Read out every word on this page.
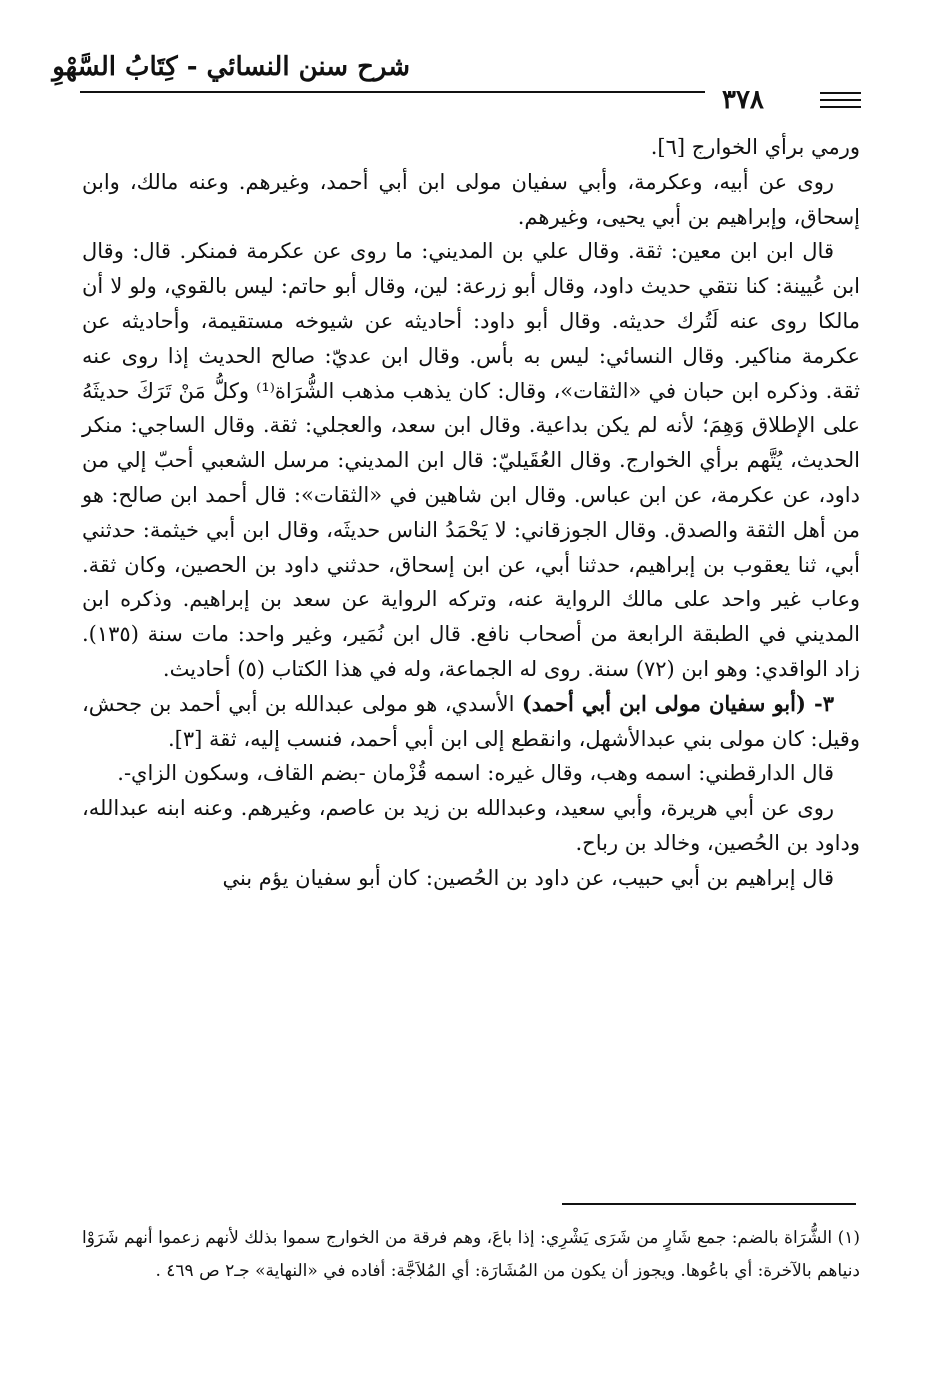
شرح سنن النسائي - كِتَابُ السَّهْوِ
٣٧٨

ورمي برأي الخوارج [٦].

روى عن أبيه، وعكرمة، وأبي سفيان مولى ابن أبي أحمد، وغيرهم. وعنه مالك، وابن إسحاق، وإبراهيم بن أبي يحيى، وغيرهم.

قال ابن ابن معين: ثقة. وقال علي بن المديني: ما روى عن عكرمة فمنكر. قال: وقال ابن عُيينة: كنا نتقي حديث داود، وقال أبو زرعة: لين، وقال أبو حاتم: ليس بالقوي، ولو لا أن مالكا روى عنه لَتُرك حديثه. وقال أبو داود: أحاديثه عن شيوخه مستقيمة، وأحاديثه عن عكرمة مناكير. وقال النسائي: ليس به بأس. وقال ابن عديّ: صالح الحديث إذا روى عنه ثقة. وذكره ابن حبان في «الثقات»، وقال: كان يذهب مذهب الشُّرَاة⁽¹⁾ وكلُّ مَنْ تَرَكَ حديثَهُ على الإطلاق وَهِمَ؛ لأنه لم يكن بداعية. وقال ابن سعد، والعجلي: ثقة. وقال الساجي: منكر الحديث، يُتَّهم برأي الخوارج. وقال العُقَيليّ: قال ابن المديني: مرسل الشعبي أحبّ إلي من داود، عن عكرمة، عن ابن عباس. وقال ابن شاهين في «الثقات»: قال أحمد ابن صالح: هو من أهل الثقة والصدق. وقال الجوزقاني: لا يَحْمَدُ الناس حديثَه، وقال ابن أبي خيثمة: حدثني أبي، ثنا يعقوب بن إبراهيم، حدثنا أبي، عن ابن إسحاق، حدثني داود بن الحصين، وكان ثقة. وعاب غير واحد على مالك الرواية عنه، وتركه الرواية عن سعد بن إبراهيم. وذكره ابن المديني في الطبقة الرابعة من أصحاب نافع. قال ابن نُمَير، وغير واحد: مات سنة (١٣٥). زاد الواقدي: وهو ابن (٧٢) سنة. روى له الجماعة، وله في هذا الكتاب (٥) أحاديث.

٣- (أبو سفيان مولى ابن أبي أحمد) الأسدي، هو مولى عبدالله بن أبي أحمد بن جحش، وقيل: كان مولى بني عبدالأشهل، وانقطع إلى ابن أبي أحمد، فنسب إليه، ثقة [٣].

قال الدارقطني: اسمه وهب، وقال غيره: اسمه قُزْمان -بضم القاف، وسكون الزاي-.

روى عن أبي هريرة، وأبي سعيد، وعبدالله بن زيد بن عاصم، وغيرهم. وعنه ابنه عبدالله، وداود بن الحُصين، وخالد بن رباح.

قال إبراهيم بن أبي حبيب، عن داود بن الحُصين: كان أبو سفيان يؤم بني

(١) الشُّرَاة بالضم: جمع شَارٍ من شَرَى يَشْرِي: إذا باعَ، وهم فرقة من الخوارج سموا بذلك لأنهم زعموا أنهم شَرَوْا دنياهم بالآخرة: أي باعُوها. ويجوز أن يكون من المُشَارَة: أي المُلاَجَّة: أفاده في «النهاية» جـ٢ ص ٤٦٩ .
